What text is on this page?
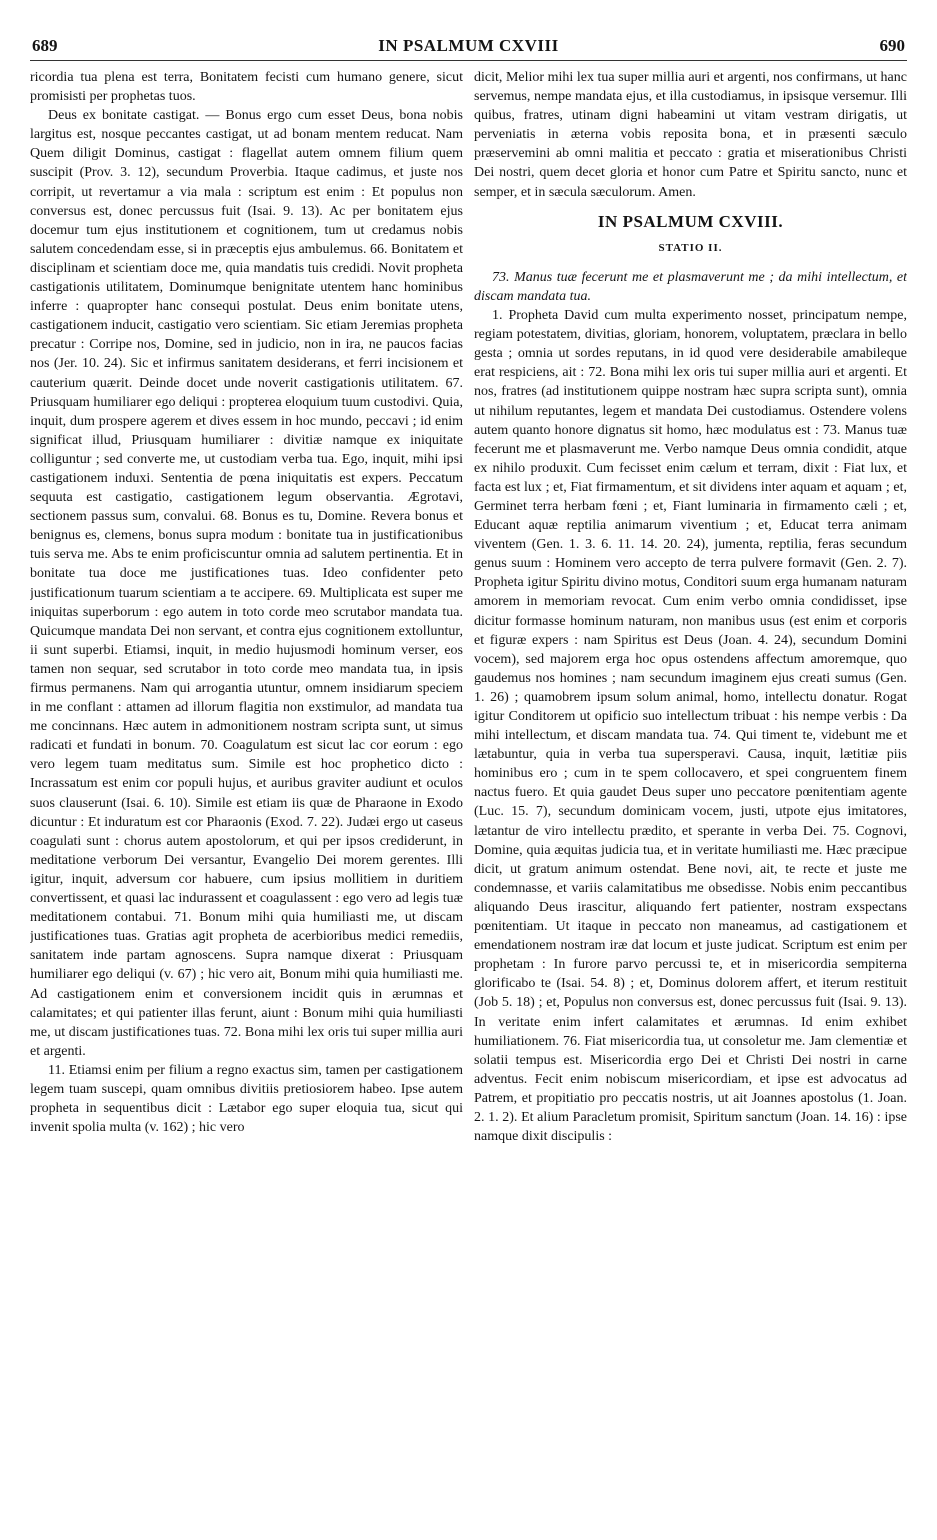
689	IN PSALMUM CXVIII	690

ricordia tua plena est terra, Bonitatem fecisti cum humano genere, sicut promisisti per prophetas tuos.

Deus ex bonitate castigat. — Bonus ergo cum esset Deus, bona nobis largitus est, nosque peccantes castigat, ut ad bonam mentem reducat. Nam Quem diligit Dominus, castigat : flagellat autem omnem filium quem suscipit (Prov. 3. 12), secundum Proverbia. Itaque cadimus, et juste nos corripit, ut revertamur a via mala : scriptum est enim : Et populus non conversus est, donec percussus fuit (Isai. 9. 13). Ac per bonitatem ejus docemur tum ejus institutionem et cognitionem, tum ut credamus nobis salutem concedendam esse, si in præceptis ejus ambulemus. 66. Bonitatem et disciplinam et scientiam doce me, quia mandatis tuis credidi. Novit propheta castigationis utilitatem, Dominumque benignitate utentem hanc hominibus inferre : quapropter hanc consequi postulat. Deus enim bonitate utens, castigationem inducit, castigatio vero scientiam. Sic etiam Jeremias propheta precatur : Corripe nos, Domine, sed in judicio, non in ira, ne paucos facias nos (Jer. 10. 24). Sic et infirmus sanitatem desiderans, et ferri incisionem et cauterium quærit. Deinde docet unde noverit castigationis utilitatem. 67. Priusquam humiliarer ego deliqui : propterea eloquium tuum custodivi. Quia, inquit, dum prospere agerem et dives essem in hoc mundo, peccavi ; id enim significat illud, Priusquam humiliarer : divitiæ namque ex iniquitate colliguntur ; sed converte me, ut custodiam verba tua. Ego, inquit, mihi ipsi castigationem induxi. Sententia de pœna iniquitatis est expers. Peccatum sequuta est castigatio, castigationem legum observantia. Ægrotavi, sectionem passus sum, convalui. 68. Bonus es tu, Domine. Revera bonus et benignus es, clemens, bonus supra modum : bonitate tua in justificationibus tuis serva me. Abs te enim proficiscuntur omnia ad salutem pertinentia. Et in bonitate tua doce me justificationes tuas. Ideo confidenter peto justificationum tuarum scientiam a te accipere. 69. Multiplicata est super me iniquitas superborum : ego autem in toto corde meo scrutabor mandata tua. Quicumque mandata Dei non servant, et contra ejus cognitionem extolluntur, ii sunt superbi. Etiamsi, inquit, in medio hujusmodi hominum verser, eos tamen non sequar, sed scrutabor in toto corde meo mandata tua, in ipsis firmus permanens. Nam qui arrogantia utuntur, omnem insidiarum speciem in me conflant : attamen ad illorum flagitia non exstimulor, ad mandata tua me concinnans. Hæc autem in admonitionem nostram scripta sunt, ut simus radicati et fundati in bonum. 70. Coagulatum est sicut lac cor eorum : ego vero legem tuam meditatus sum. Simile est hoc prophetico dicto : Incrassatum est enim cor populi hujus, et auribus graviter audiunt et oculos suos clauserunt (Isai. 6. 10). Simile est etiam iis quæ de Pharaone in Exodo dicuntur : Et induratum est cor Pharaonis (Exod. 7. 22). Judæi ergo ut caseus coagulati sunt : chorus autem apostolorum, et qui per ipsos crediderunt, in meditatione verborum Dei versantur, Evangelio Dei morem gerentes. Illi igitur, inquit, adversum cor habuere, cum ipsius mollitiem in duritiem convertissent, et quasi lac indurassent et coagulassent : ego vero ad legis tuæ meditationem contabui. 71. Bonum mihi quia humiliasti me, ut discam justificationes tuas. Gratias agit propheta de acerbioribus medici remediis, sanitatem inde partam agnoscens. Supra namque dixerat : Priusquam humiliarer ego deliqui (v. 67) ; hic vero ait, Bonum mihi quia humiliasti me. Ad castigationem enim et conversionem incidit quis in ærumnas et calamitates; et qui patienter illas ferunt, aiunt : Bonum mihi quia humiliasti me, ut discam justificationes tuas. 72. Bona mihi lex oris tui super millia auri et argenti.

11. Etiamsi enim per filium a regno exactus sim, tamen per castigationem legem tuam suscepi, quam omnibus divitiis pretiosiorem habeo. Ipse autem propheta in sequentibus dicit : Lætabor ego super eloquia tua, sicut qui invenit spolia multa (v. 162) ; hic vero

dicit, Melior mihi lex tua super millia auri et argenti, nos confirmans, ut hanc servemus, nempe mandata ejus, et illa custodiamus, in ipsisque versemur. Illi quibus, fratres, utinam digni habeamini ut vitam vestram dirigatis, ut perveniatis in æterna vobis reposita bona, et in præsenti sæculo præservemini ab omni malitia et peccato : gratia et miserationibus Christi Dei nostri, quem decet gloria et honor cum Patre et Spiritu sancto, nunc et semper, et in sæcula sæculorum. Amen.

IN PSALMUM CXVIII.
STATIO II.

73. Manus tuæ fecerunt me et plasmaverunt me ; da mihi intellectum, et discam mandata tua.

1. Propheta David cum multa experimento nosset, principatum nempe, regiam potestatem, divitias, gloriam, honorem, voluptatem, præclara in bello gesta ; omnia ut sordes reputans, in id quod vere desiderabile amabileque erat respiciens, ait : 72. Bona mihi lex oris tui super millia auri et argenti. Et nos, fratres (ad institutionem quippe nostram hæc supra scripta sunt), omnia ut nihilum reputantes, legem et mandata Dei custodiamus. Ostendere volens autem quanto honore dignatus sit homo, hæc modulatus est : 73. Manus tuæ fecerunt me et plasmaverunt me. Verbo namque Deus omnia condidit, atque ex nihilo produxit. Cum fecisset enim cælum et terram, dixit : Fiat lux, et facta est lux ; et, Fiat firmamentum, et sit dividens inter aquam et aquam ; et, Germinet terra herbam fœni ; et, Fiant luminaria in firmamento cæli ; et, Educant aquæ reptilia animarum viventium ; et, Educat terra animam viventem (Gen. 1. 3. 6. 11. 14. 20. 24), jumenta, reptilia, feras secundum genus suum : Hominem vero accepto de terra pulvere formavit (Gen. 2. 7). Propheta igitur Spiritu divino motus, Conditori suum erga humanam naturam amorem in memoriam revocat. Cum enim verbo omnia condidisset, ipse dicitur formasse hominum naturam, non manibus usus (est enim et corporis et figuræ expers : nam Spiritus est Deus (Joan. 4. 24), secundum Domini vocem), sed majorem erga hoc opus ostendens affectum amoremque, quo gaudemus nos homines ; nam secundum imaginem ejus creati sumus (Gen. 1. 26) ; quamobrem ipsum solum animal, homo, intellectu donatur. Rogat igitur Conditorem ut opificio suo intellectum tribuat : his nempe verbis : Da mihi intellectum, et discam mandata tua. 74. Qui timent te, videbunt me et lætabuntur, quia in verba tua supersperavi. Causa, inquit, lætitiæ piis hominibus ero ; cum in te spem collocavero, et spei congruentem finem nactus fuero. Et quia gaudet Deus super uno peccatore pœnitentiam agente (Luc. 15. 7), secundum dominicam vocem, justi, utpote ejus imitatores, lætantur de viro intellectu prædito, et sperante in verba Dei. 75. Cognovi, Domine, quia æquitas judicia tua, et in veritate humiliasti me. Hæc præcipue dicit, ut gratum animum ostendat. Bene novi, ait, te recte et juste me condemnasse, et variis calamitatibus me obsedisse. Nobis enim peccantibus aliquando Deus irascitur, aliquando fert patienter, nostram exspectans pœnitentiam. Ut itaque in peccato non maneamus, ad castigationem et emendationem nostram iræ dat locum et juste judicat. Scriptum est enim per prophetam : In furore parvo percussi te, et in misericordia sempiterna glorificabo te (Isai. 54. 8) ; et, Dominus dolorem affert, et iterum restituit (Job 5. 18) ; et, Populus non conversus est, donec percussus fuit (Isai. 9. 13). In veritate enim infert calamitates et ærumnas. Id enim exhibet humiliationem. 76. Fiat misericordia tua, ut consoletur me. Jam clementiæ et solatii tempus est. Misericordia ergo Dei et Christi Dei nostri in carne adventus. Fecit enim nobiscum misericordiam, et ipse est advocatus ad Patrem, et propitiatio pro peccatis nostris, ut ait Joannes apostolus (1. Joan. 2. 1. 2). Et alium Paracletum promisit, Spiritum sanctum (Joan. 14. 16) : ipse namque dixit discipulis :
